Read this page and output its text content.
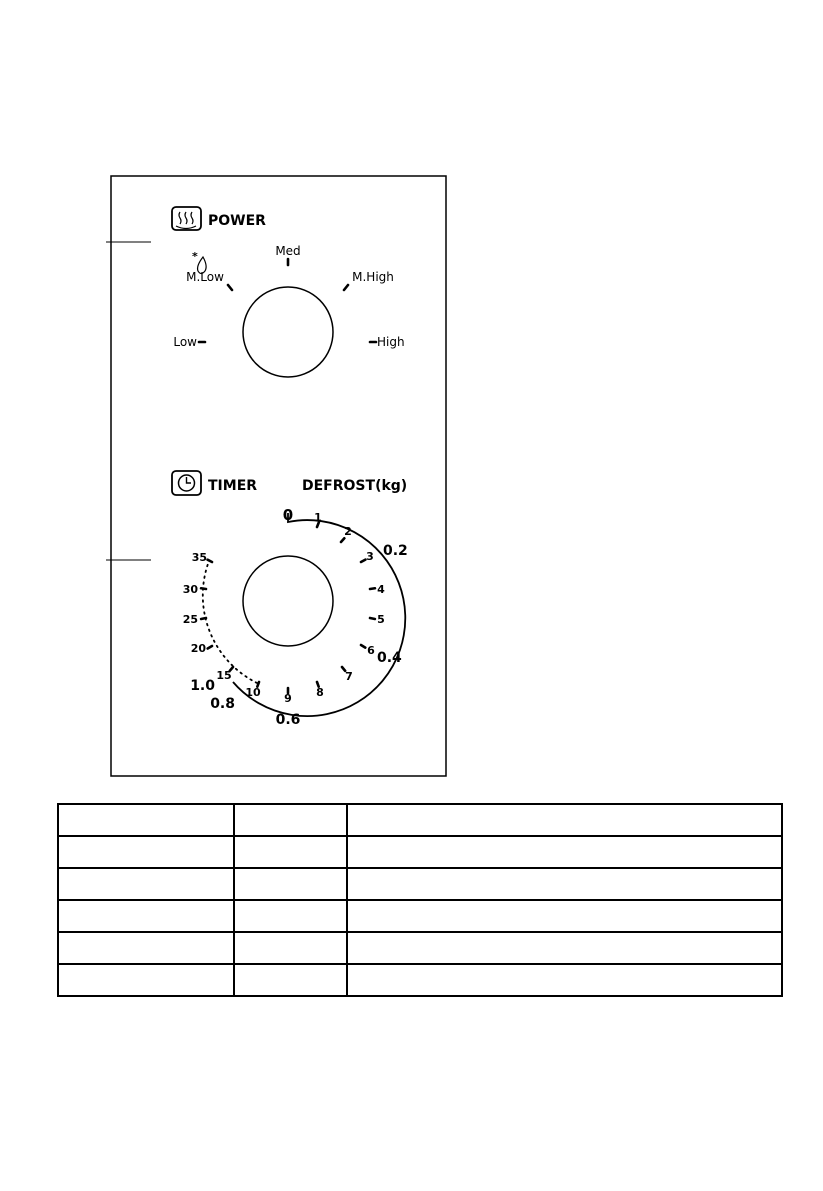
POWER
Med
M.Low	M.High
Low	High
*
TIMER	DEFROST(kg)
0 1
2
3
4
5
6
7
8
9
10
15
20
25
30
35	0.2
0.4
0.6
0.8
1.0
